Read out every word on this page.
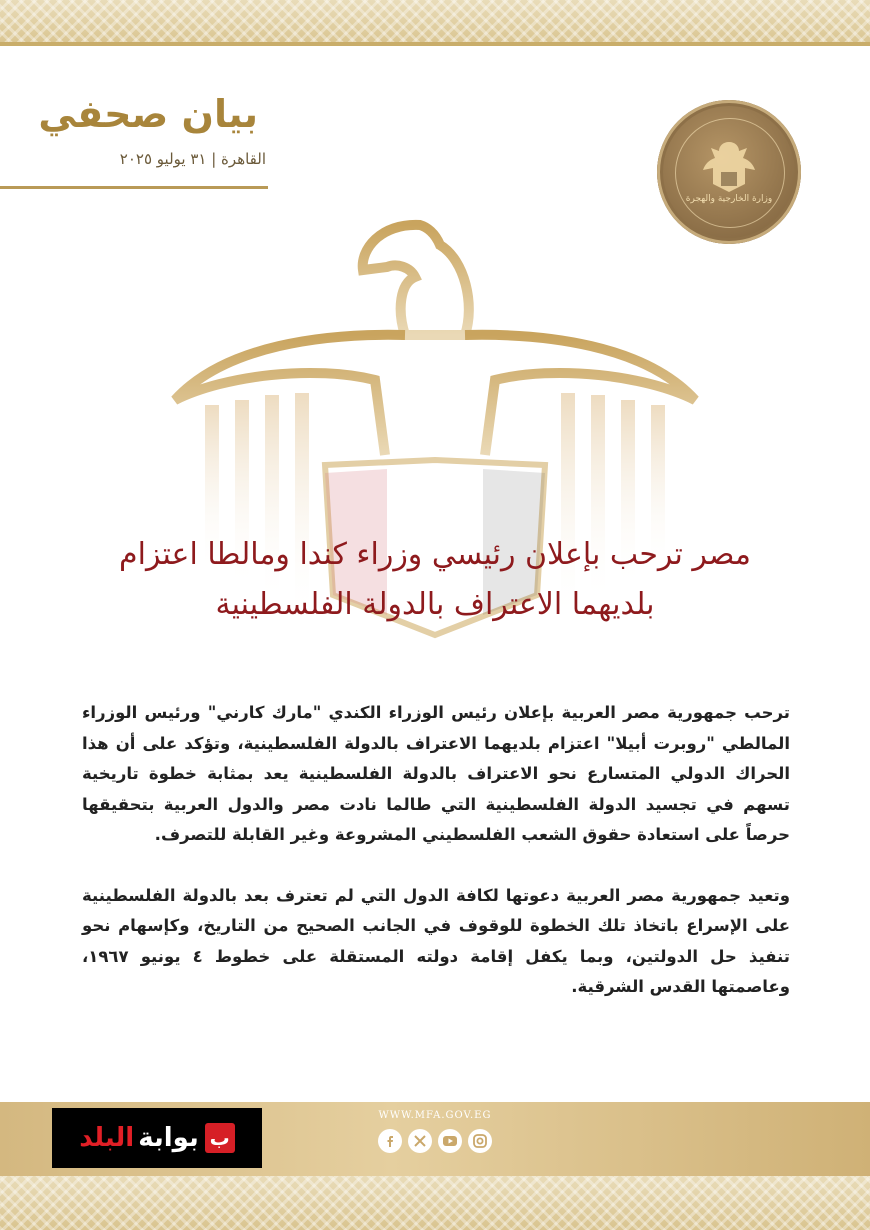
بيان صحفي
القاهرة | ٣١ يوليو ٢٠٢٥
وزارة الخارجية والهجرة
مصر ترحب بإعلان رئيسي وزراء كندا ومالطا اعتزام
بلديهما الاعتراف بالدولة الفلسطينية

ترحب جمهورية مصر العربية بإعلان رئيس الوزراء الكندي "مارك كارني" ورئيس الوزراء المالطي "روبرت أبيلا" اعتزام بلديهما الاعتراف بالدولة الفلسطينية، وتؤكد على أن هذا الحراك الدولي المتسارع نحو الاعتراف بالدولة الفلسطينية يعد بمثابة خطوة تاريخية تسهم في تجسيد الدولة الفلسطينية التي طالما نادت مصر والدول العربية بتحقيقها حرصاً على استعادة حقوق الشعب الفلسطيني المشروعة وغير القابلة للتصرف.

وتعيد جمهورية مصر العربية دعوتها لكافة الدول التي لم تعترف بعد بالدولة الفلسطينية على الإسراع باتخاذ تلك الخطوة للوقوف في الجانب الصحيح من التاريخ، وكإسهام نحو تنفيذ حل الدولتين، وبما يكفل إقامة دولته المستقلة على خطوط ٤ يونيو ١٩٦٧، وعاصمتها القدس الشرقية.

WWW.MFA.GOV.EG
ب
بوابة
البلد
